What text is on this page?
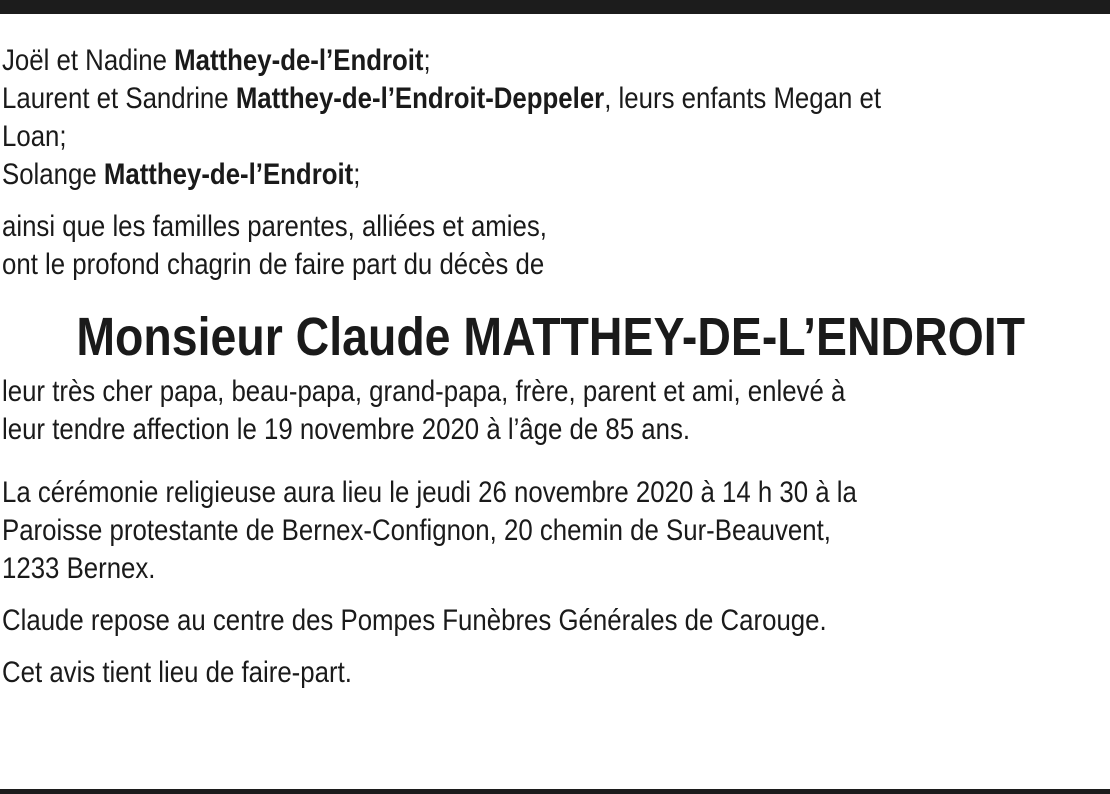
Joël et Nadine Matthey-de-l’Endroit;
Laurent et Sandrine Matthey-de-l’Endroit-Deppeler, leurs enfants Megan et
Loan;
Solange Matthey-de-l’Endroit;
ainsi que les familles parentes, alliées et amies,
ont le profond chagrin de faire part du décès de
Monsieur Claude MATTHEY-DE-L’ENDROIT
leur très cher papa, beau-papa, grand-papa, frère, parent et ami, enlevé à
leur tendre affection le 19 novembre 2020 à l’âge de 85 ans.
La cérémonie religieuse aura lieu le jeudi 26 novembre 2020 à 14 h 30 à la
Paroisse protestante de Bernex-Confignon, 20 chemin de Sur-Beauvent,
1233 Bernex.
Claude repose au centre des Pompes Funèbres Générales de Carouge.
Cet avis tient lieu de faire-part.
